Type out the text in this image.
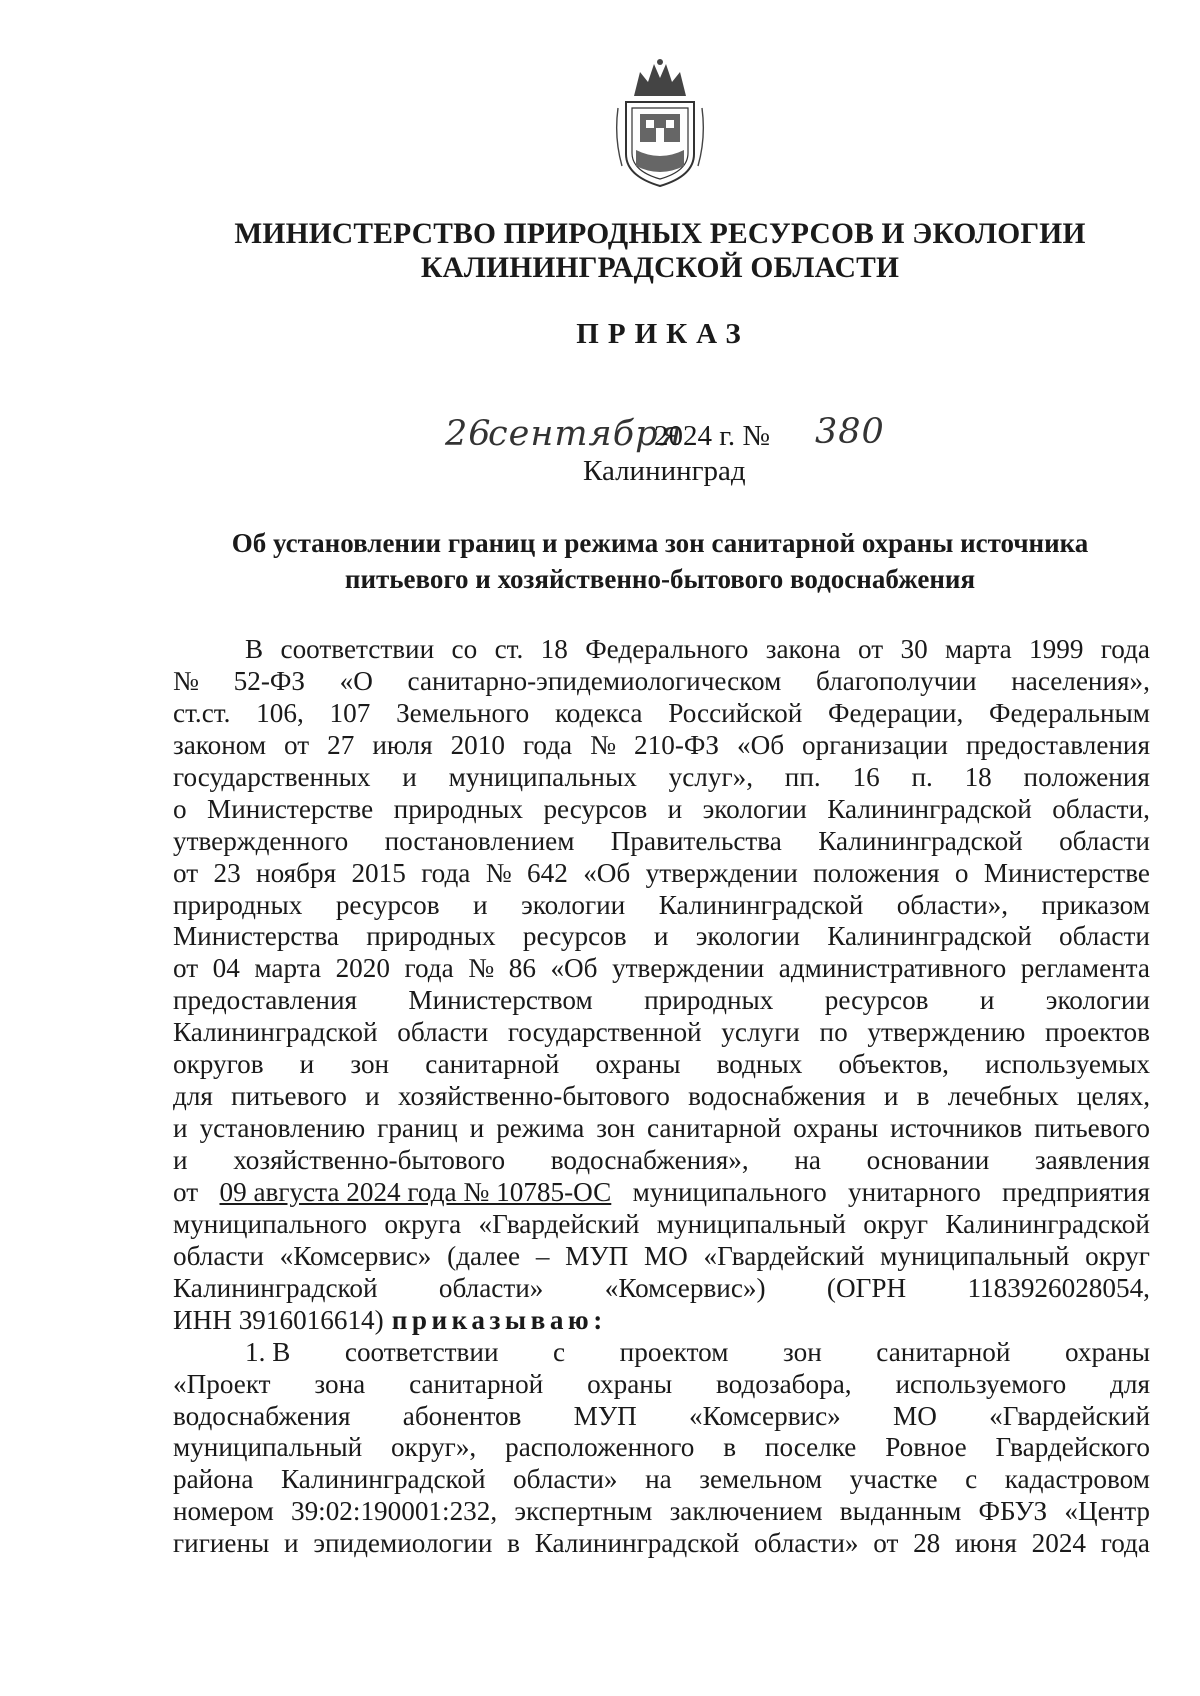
МИНИСТЕРСТВО ПРИРОДНЫХ РЕСУРСОВ И ЭКОЛОГИИ
КАЛИНИНГРАДСКОЙ ОБЛАСТИ
ПРИКАЗ
26
сентября
2024 г. № 380
Калининград
Об установлении границ и режима зон санитарной охраны источника
питьевого и хозяйственно-бытового водоснабжения
В соответствии со ст. 18 Федерального закона от 30 марта 1999 года
№ 52-ФЗ «О санитарно-эпидемиологическом благополучии населения»,
ст.ст. 106, 107 Земельного кодекса Российской Федерации, Федеральным
законом от 27 июля 2010 года № 210-ФЗ «Об организации предоставления
государственных и муниципальных услуг», пп. 16 п. 18 положения
о Министерстве природных ресурсов и экологии Калининградской области,
утвержденного постановлением Правительства Калининградской области
от 23 ноября 2015 года № 642 «Об утверждении положения о Министерстве
природных ресурсов и экологии Калининградской области», приказом
Министерства природных ресурсов и экологии Калининградской области
от 04 марта 2020 года № 86 «Об утверждении административного регламента
предоставления Министерством природных ресурсов и экологии
Калининградской области государственной услуги по утверждению проектов
округов и зон санитарной охраны водных объектов, используемых
для питьевого и хозяйственно-бытового водоснабжения и в лечебных целях,
и установлению границ и режима зон санитарной охраны источников питьевого
и хозяйственно-бытового водоснабжения», на основании заявления
от 09 августа 2024 года № 10785-ОС муниципального унитарного предприятия
муниципального округа «Гвардейский муниципальный округ Калининградской
области «Комсервис» (далее – МУП МО «Гвардейский муниципальный округ
Калининградской области» «Комсервис») (ОГРН 1183926028054,
ИНН 3916016614) приказываю:
1. В соответствии с проектом зон санитарной охраны
«Проект зона санитарной охраны водозабора, используемого для
водоснабжения абонентов МУП «Комсервис» МО «Гвардейский
муниципальный округ», расположенного в поселке Ровное Гвардейского
района Калининградской области» на земельном участке с кадастровом
номером 39:02:190001:232, экспертным заключением выданным ФБУЗ «Центр
гигиены и эпидемиологии в Калининградской области» от 28 июня 2024 года
